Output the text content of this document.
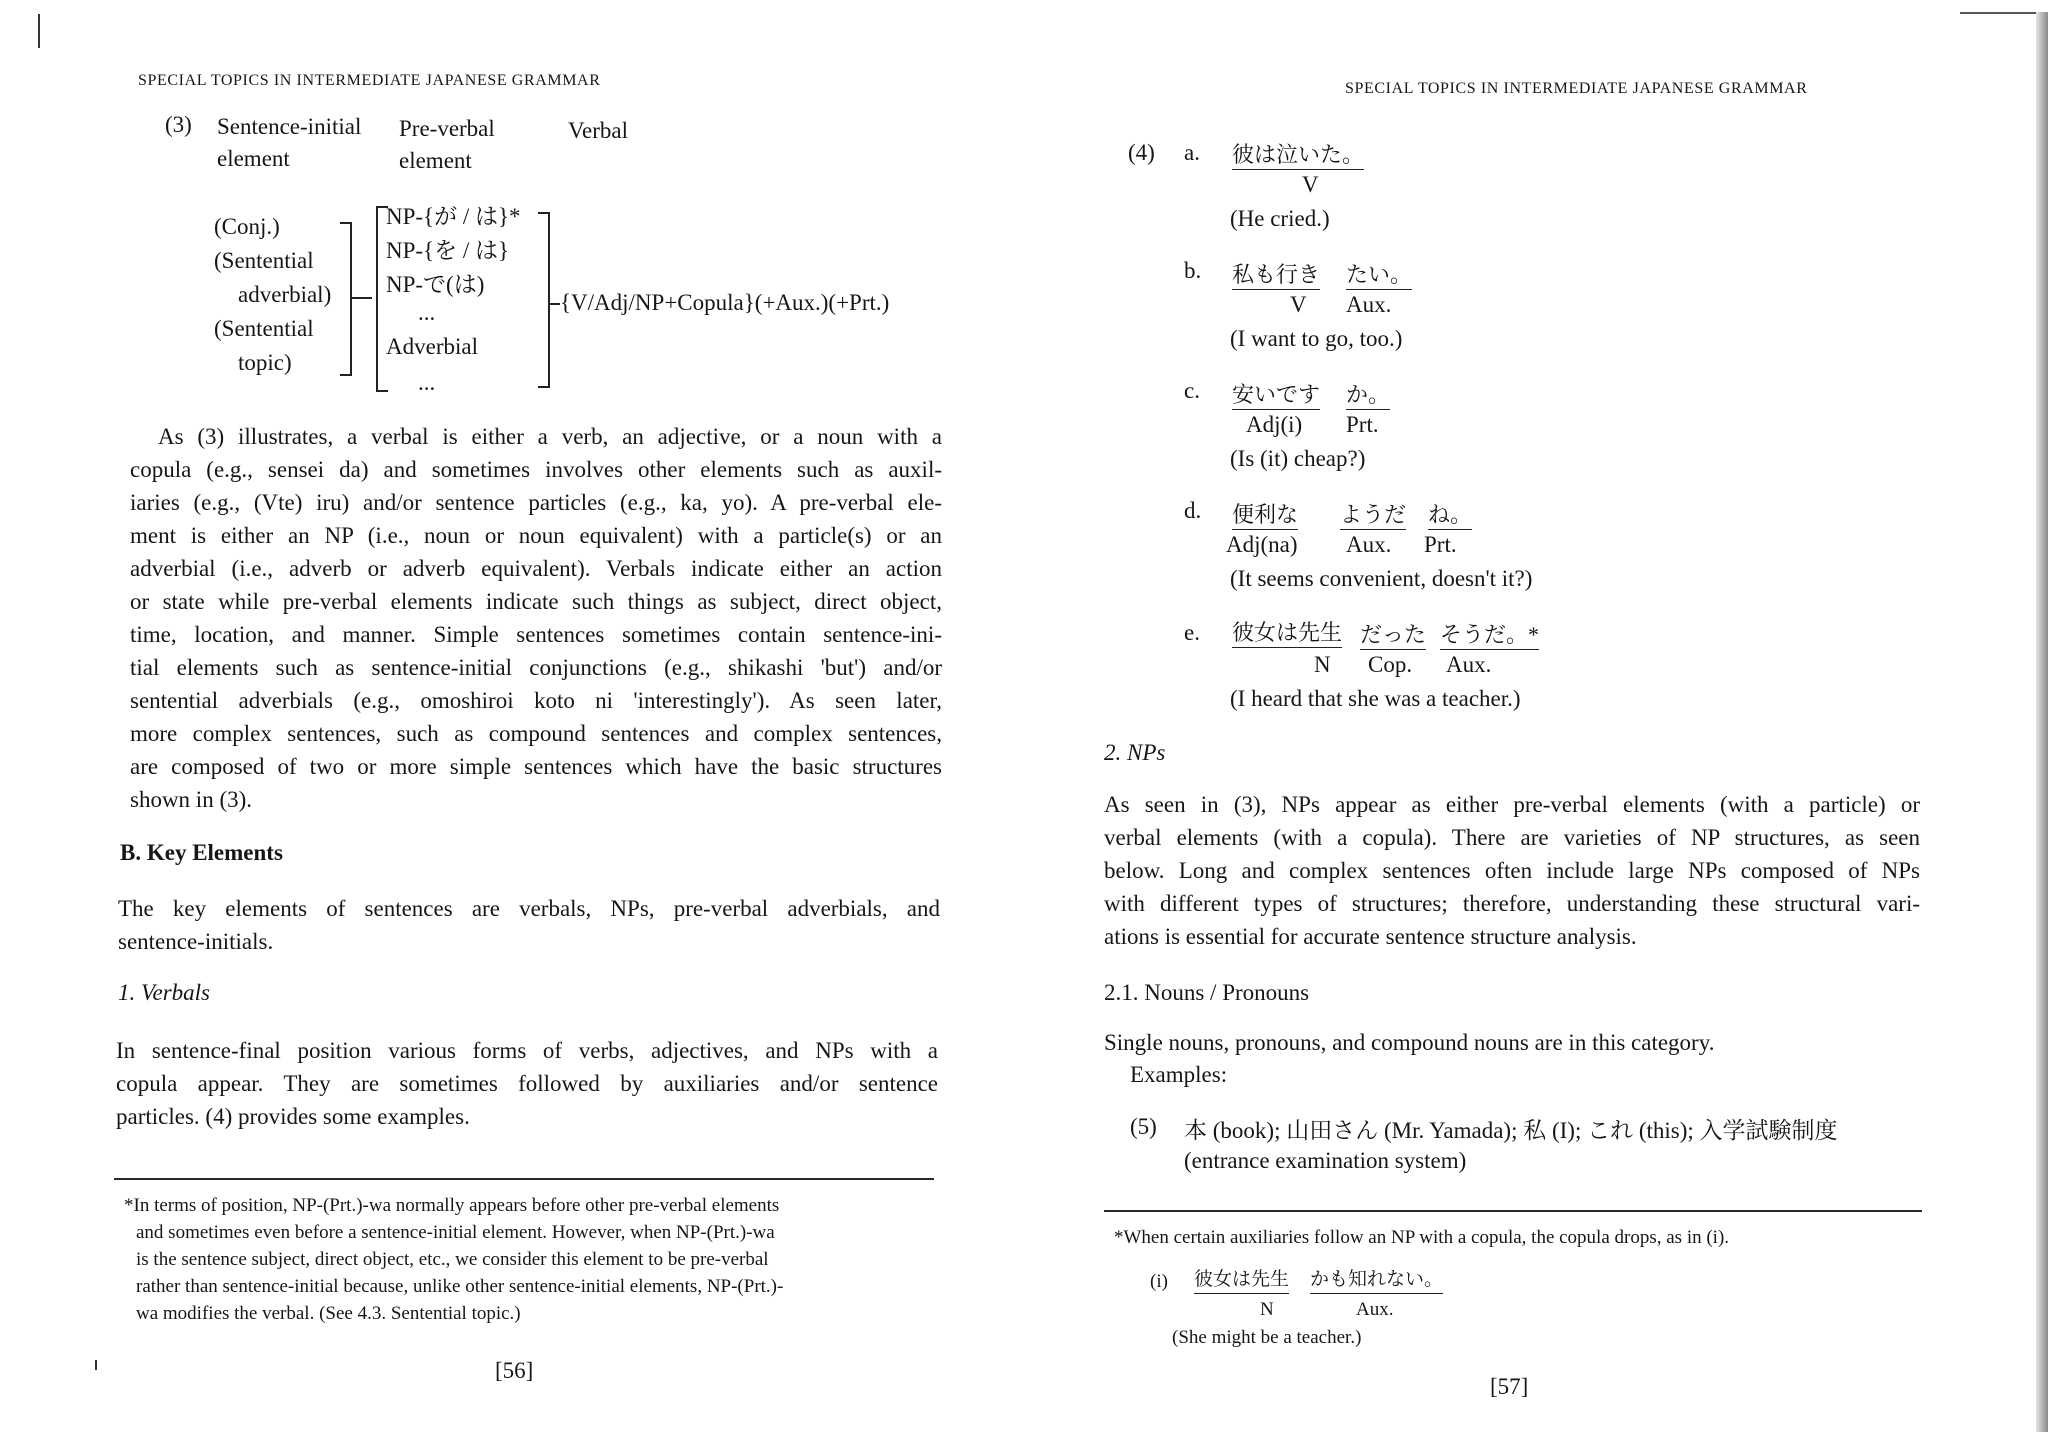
SPECIAL TOPICS IN INTERMEDIATE JAPANESE GRAMMAR
(3) Sentence-initial
element
Pre-verbal
element
Verbal
(Conj.)
(Sentential
adverbial)
(Sentential
topic)
NP-{が / は}*
NP-{を / は}
NP-で(は)
...
Adverbial
...
{V/Adj/NP+Copula}(+Aux.)(+Prt.)
As (3) illustrates, a verbal is either a verb, an adjective, or a noun with a
copula (e.g., sensei da) and sometimes involves other elements such as auxil-
iaries (e.g., (Vte) iru) and/or sentence particles (e.g., ka, yo). A pre-verbal ele-
ment is either an NP (i.e., noun or noun equivalent) with a particle(s) or an
adverbial (i.e., adverb or adverb equivalent). Verbals indicate either an action
or state while pre-verbal elements indicate such things as subject, direct object,
time, location, and manner. Simple sentences sometimes contain sentence-ini-
tial elements such as sentence-initial conjunctions (e.g., shikashi 'but') and/or
sentential adverbials (e.g., omoshiroi koto ni 'interestingly'). As seen later,
more complex sentences, such as compound sentences and complex sentences,
are composed of two or more simple sentences which have the basic structures
shown in (3).
B. Key Elements
The key elements of sentences are verbals, NPs, pre-verbal adverbials, and
sentence-initials.
1. Verbals
In sentence-final position various forms of verbs, adjectives, and NPs with a
copula appear. They are sometimes followed by auxiliaries and/or sentence
particles. (4) provides some examples.
*In terms of position, NP-(Prt.)-wa normally appears before other pre-verbal elements
and sometimes even before a sentence-initial element. However, when NP-(Prt.)-wa
is the sentence subject, direct object, etc., we consider this element to be pre-verbal
rather than sentence-initial because, unlike other sentence-initial elements, NP-(Prt.)-
wa modifies the verbal. (See 4.3. Sentential topic.)
[56]
SPECIAL TOPICS IN INTERMEDIATE JAPANESE GRAMMAR
(4) a. 彼は泣いた。
V
(He cried.)
b. 私も行き たい。
V Aux.
(I want to go, too.)
c. 安いです か。
Adj(i) Prt.
(Is (it) cheap?)
d. 便利な ようだ ね。
Adj(na) Aux. Prt.
(It seems convenient, doesn't it?)
e. 彼女は先生 だった そうだ。*
N Cop. Aux.
(I heard that she was a teacher.)
2. NPs
As seen in (3), NPs appear as either pre-verbal elements (with a particle) or
verbal elements (with a copula). There are varieties of NP structures, as seen
below. Long and complex sentences often include large NPs composed of NPs
with different types of structures; therefore, understanding these structural vari-
ations is essential for accurate sentence structure analysis.
2.1. Nouns / Pronouns
Single nouns, pronouns, and compound nouns are in this category.
Examples:
(5) 本 (book); 山田さん (Mr. Yamada); 私 (I); これ (this); 入学試験制度
(entrance examination system)
*When certain auxiliaries follow an NP with a copula, the copula drops, as in (i).
(i) 彼女は先生 かも知れない。
N	Aux.
(She might be a teacher.)
[57]
